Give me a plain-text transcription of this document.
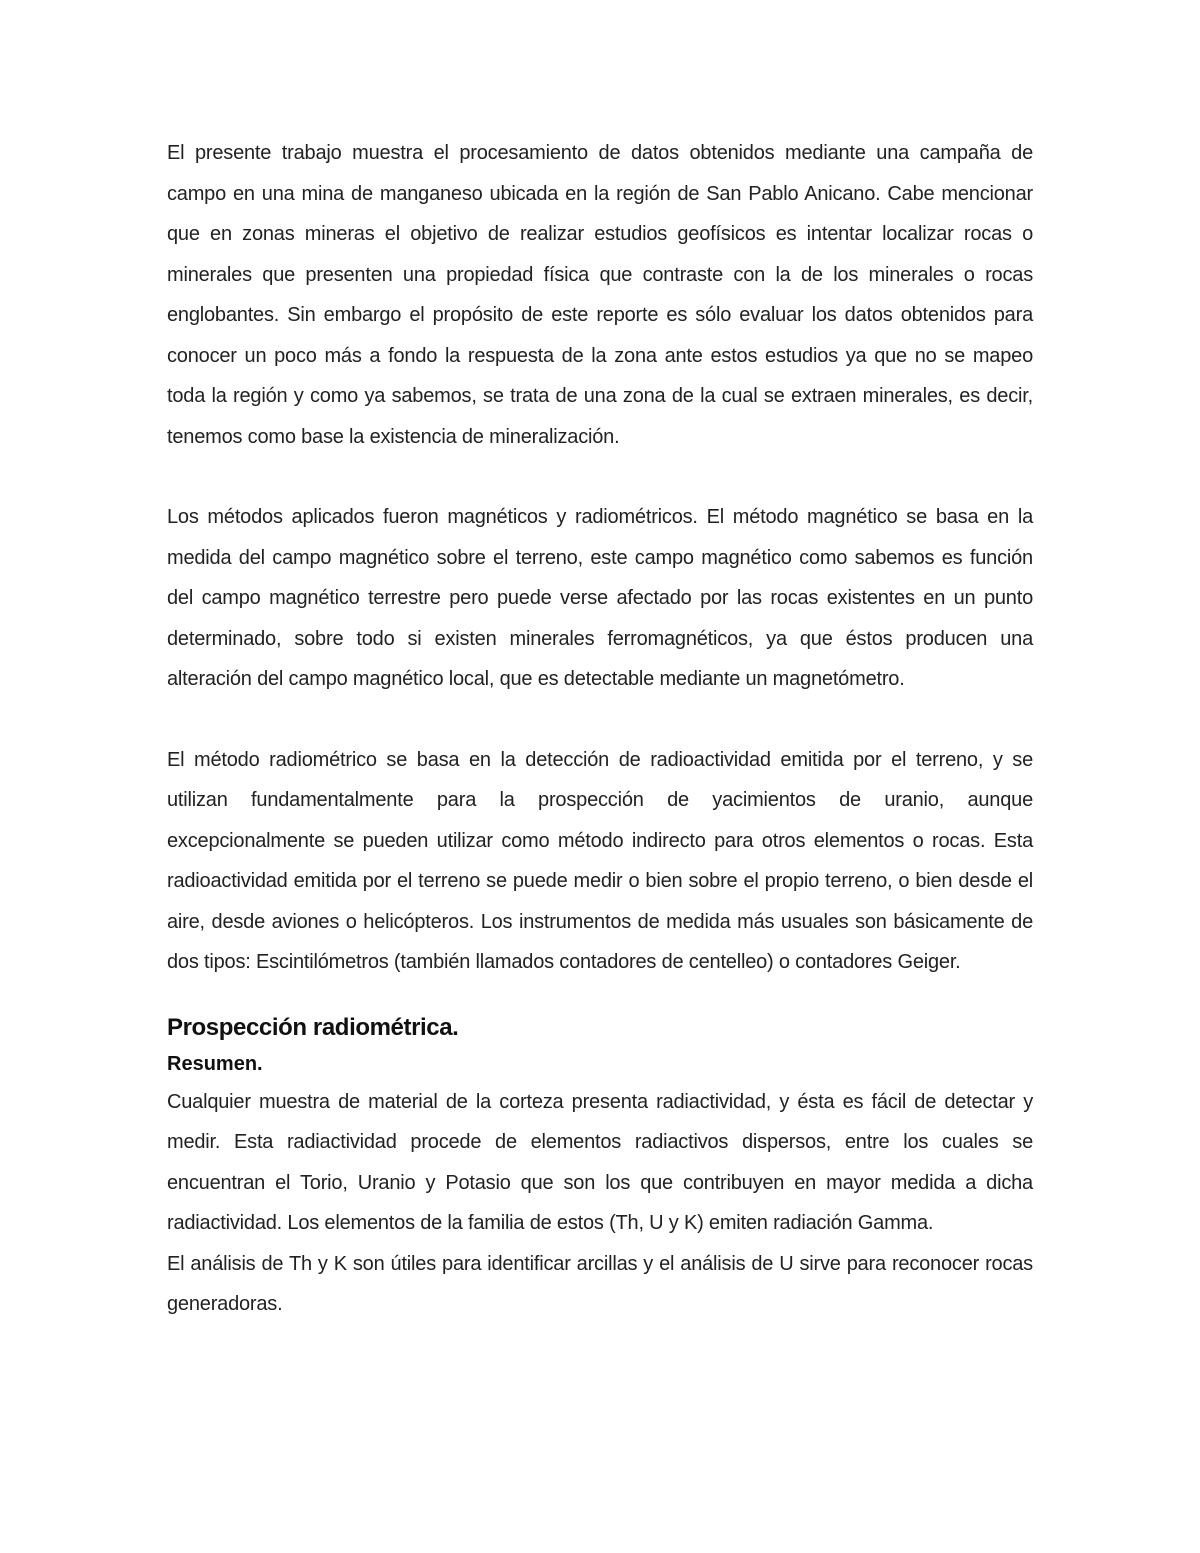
El presente trabajo muestra el procesamiento de datos obtenidos mediante una campaña de campo en una mina de manganeso ubicada en la región de San Pablo Anicano. Cabe mencionar que en zonas mineras el objetivo de realizar estudios geofísicos es intentar localizar rocas o minerales que presenten una propiedad física que contraste con la de los minerales o rocas englobantes. Sin embargo el propósito de este reporte es sólo evaluar los datos obtenidos para conocer un poco más a fondo la respuesta de la zona ante estos estudios ya que no se mapeo toda la región y como ya sabemos, se trata de una zona de la cual se extraen minerales, es decir, tenemos como base la existencia de mineralización.

Los métodos aplicados fueron magnéticos y radiométricos. El método magnético se basa en la medida del campo magnético sobre el terreno, este campo magnético como sabemos es función del campo magnético terrestre pero puede verse afectado por las rocas existentes en un punto determinado, sobre todo si existen minerales ferromagnéticos, ya que éstos producen una alteración del campo magnético local, que es detectable mediante un magnetómetro.

El método radiométrico se basa en la detección de radioactividad emitida por el terreno, y se utilizan fundamentalmente para la prospección de yacimientos de uranio, aunque excepcionalmente se pueden utilizar como método indirecto para otros elementos o rocas. Esta radioactividad emitida por el terreno se puede medir o bien sobre el propio terreno, o bien desde el aire, desde aviones o helicópteros. Los instrumentos de medida más usuales son básicamente de dos tipos: Escintilómetros (también llamados contadores de centelleo) o contadores Geiger.

Prospección radiométrica.
Resumen.

Cualquier muestra de material de la corteza presenta radiactividad, y ésta es fácil de detectar y medir. Esta radiactividad procede de elementos radiactivos dispersos, entre los cuales se encuentran el Torio, Uranio y Potasio que son los que contribuyen en mayor medida a dicha radiactividad. Los elementos de la familia de estos (Th, U y K) emiten radiación Gamma.

El análisis de Th y K son útiles para identificar arcillas y el análisis de U sirve para reconocer rocas generadoras.
